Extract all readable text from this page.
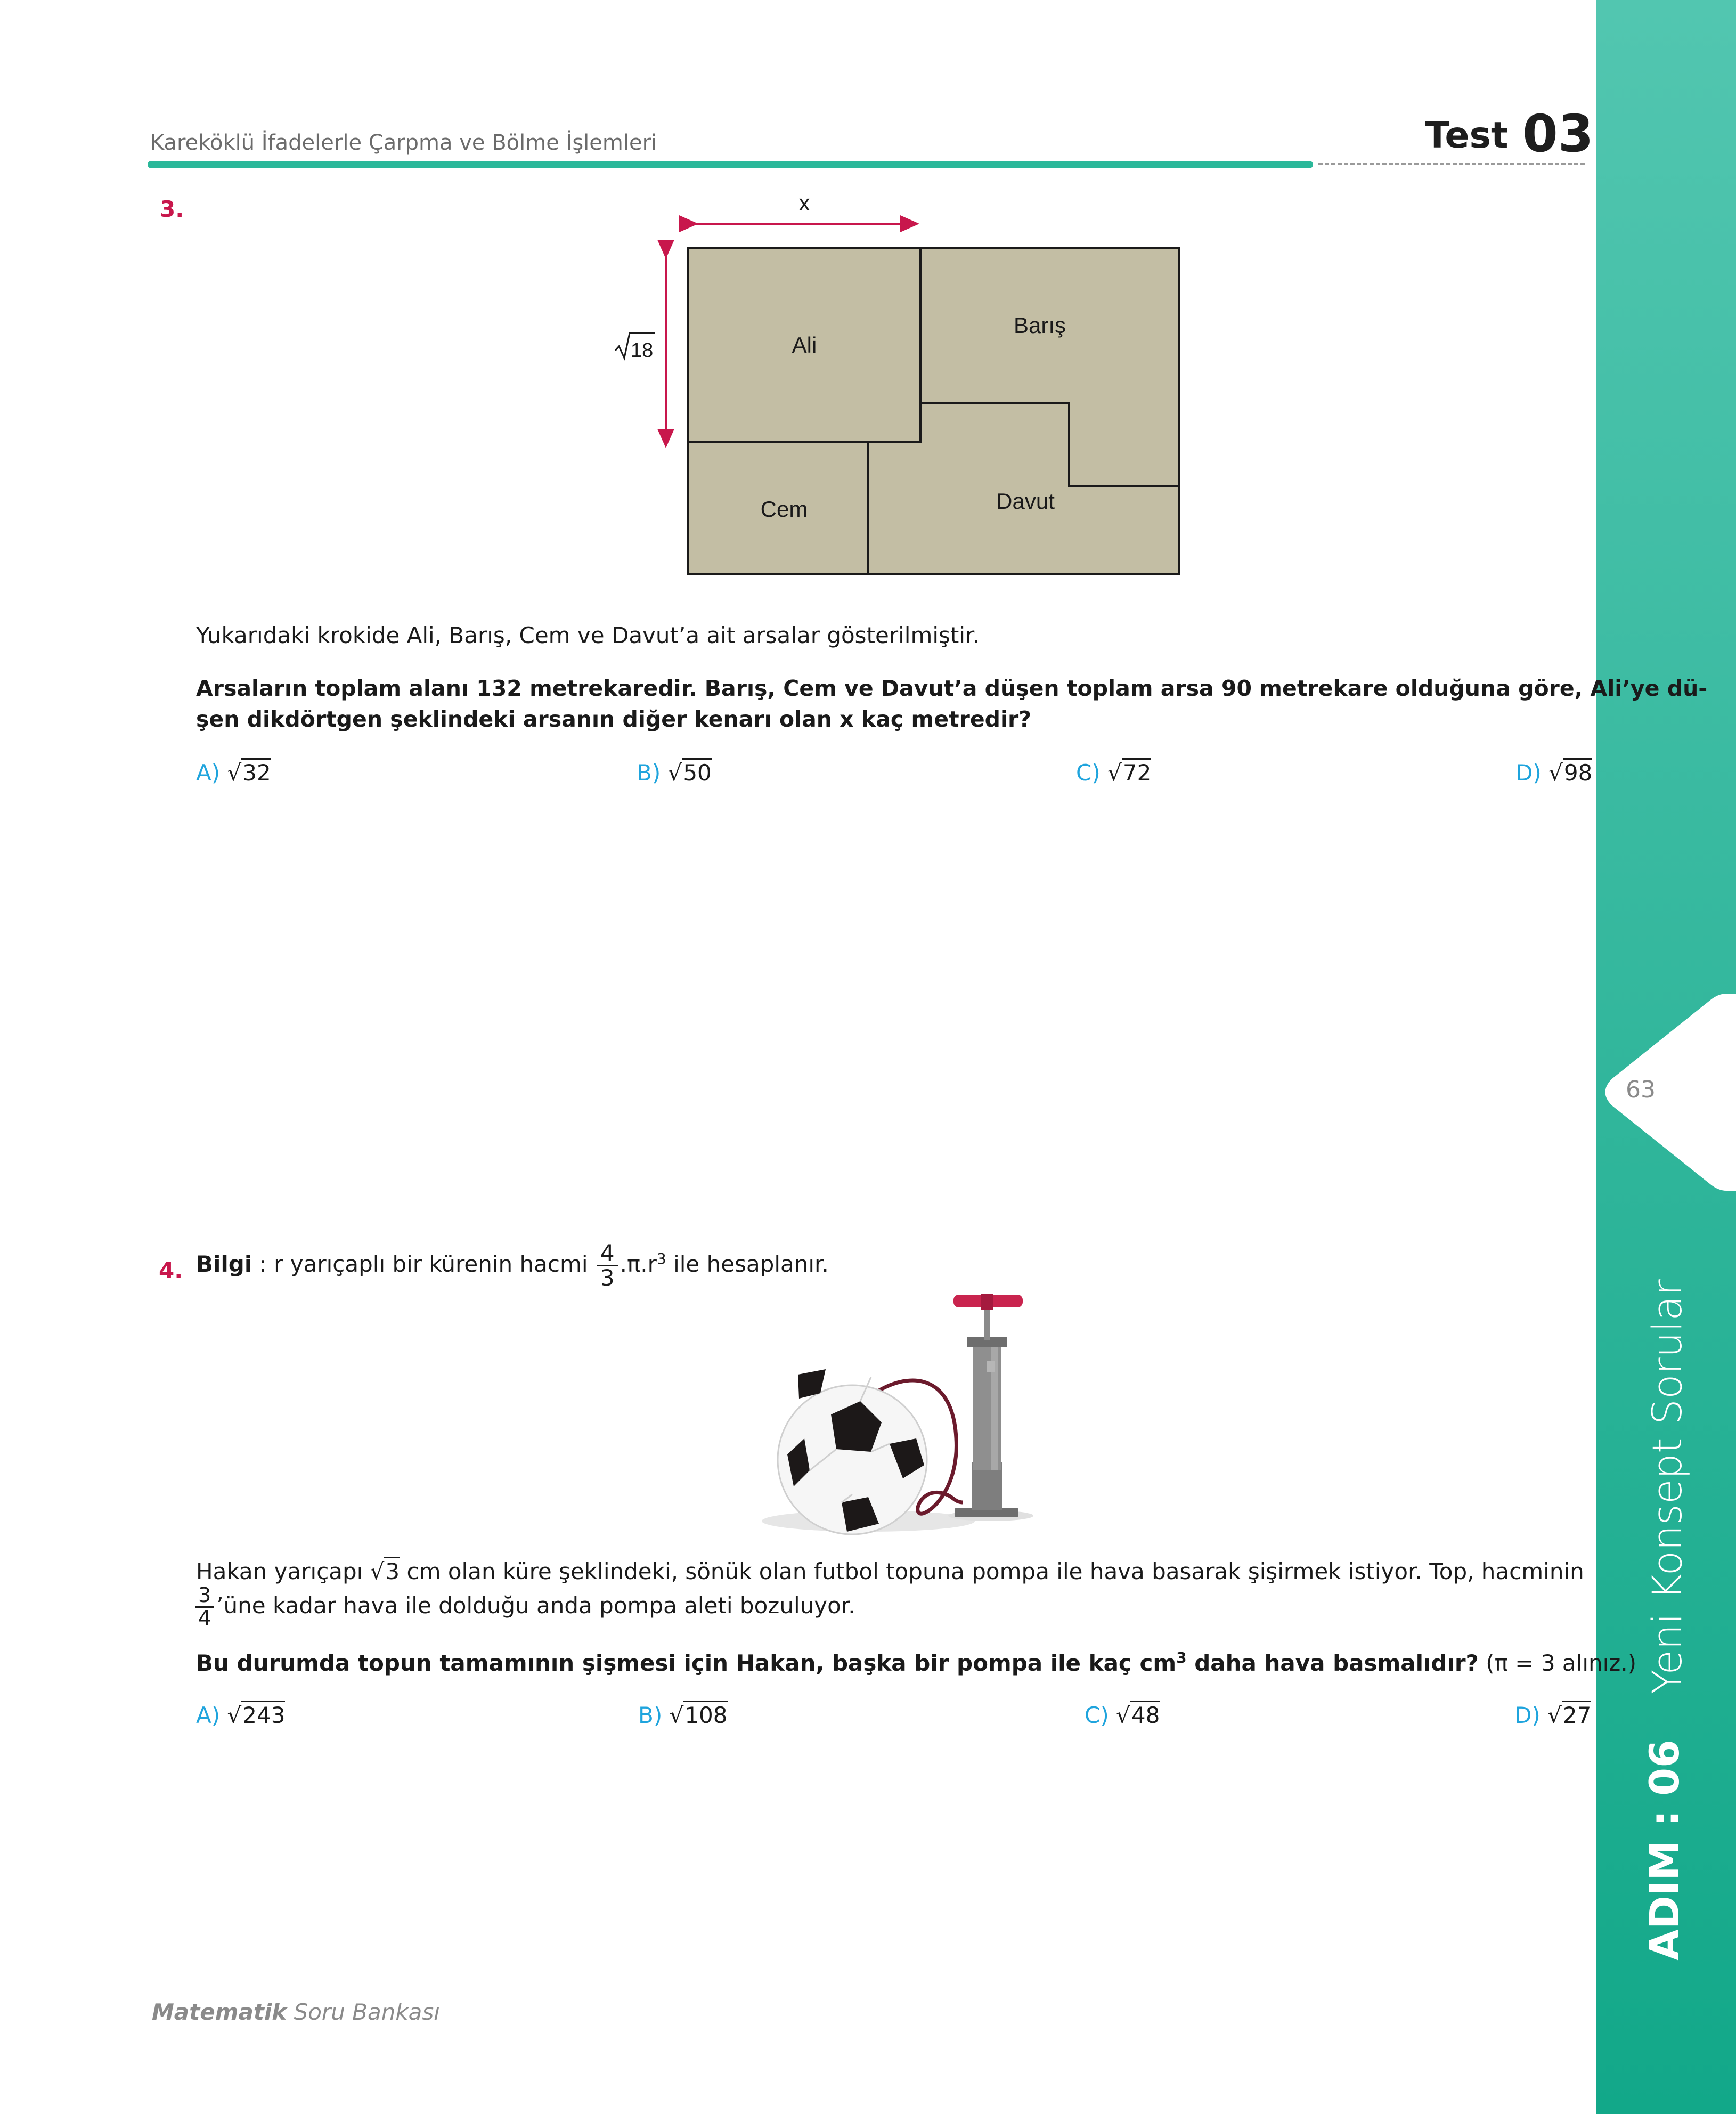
63
Yeni Konsept Sorular
ADIM : 06
Kareköklü İfadelerle Çarpma ve Bölme İşlemleri	Test 03
3.	x
18	Ali
Barış
Cem	Davut
Yukarıdaki krokide Ali, Barış, Cem ve Davut’a ait arsalar gösterilmiştir.
Arsaların toplam alanı 132 metrekaredir. Barış, Cem ve Davut’a düşen toplam arsa 90 metrekare olduğuna göre, Ali’ye dü-
şen dikdörtgen şeklindeki arsanın diğer kenarı olan x kaç metredir?
A) √32	B) √50	C) √72	D) √98
4. Bilgi : r yarıçaplı bir kürenin hacmi $\frac{4}{3} .\pi.r^3$ ile hesaplanır.
Hakan yarıçapı √3 cm olan küre şeklindeki, sönük olan futbol topuna pompa ile hava basarak şişirmek istiyor. Top, hacminin
$\frac{3}{4}$ ’üne kadar hava ile dolduğu anda pompa aleti bozuluyor.
Bu durumda topun tamamının şişmesi için Hakan, başka bir pompa ile kaç $cm^3$ daha hava basmalıdır? (π = 3 alınız.)
A) √243	B) √108	C) √48	D) √27
Matematik Soru Bankası
